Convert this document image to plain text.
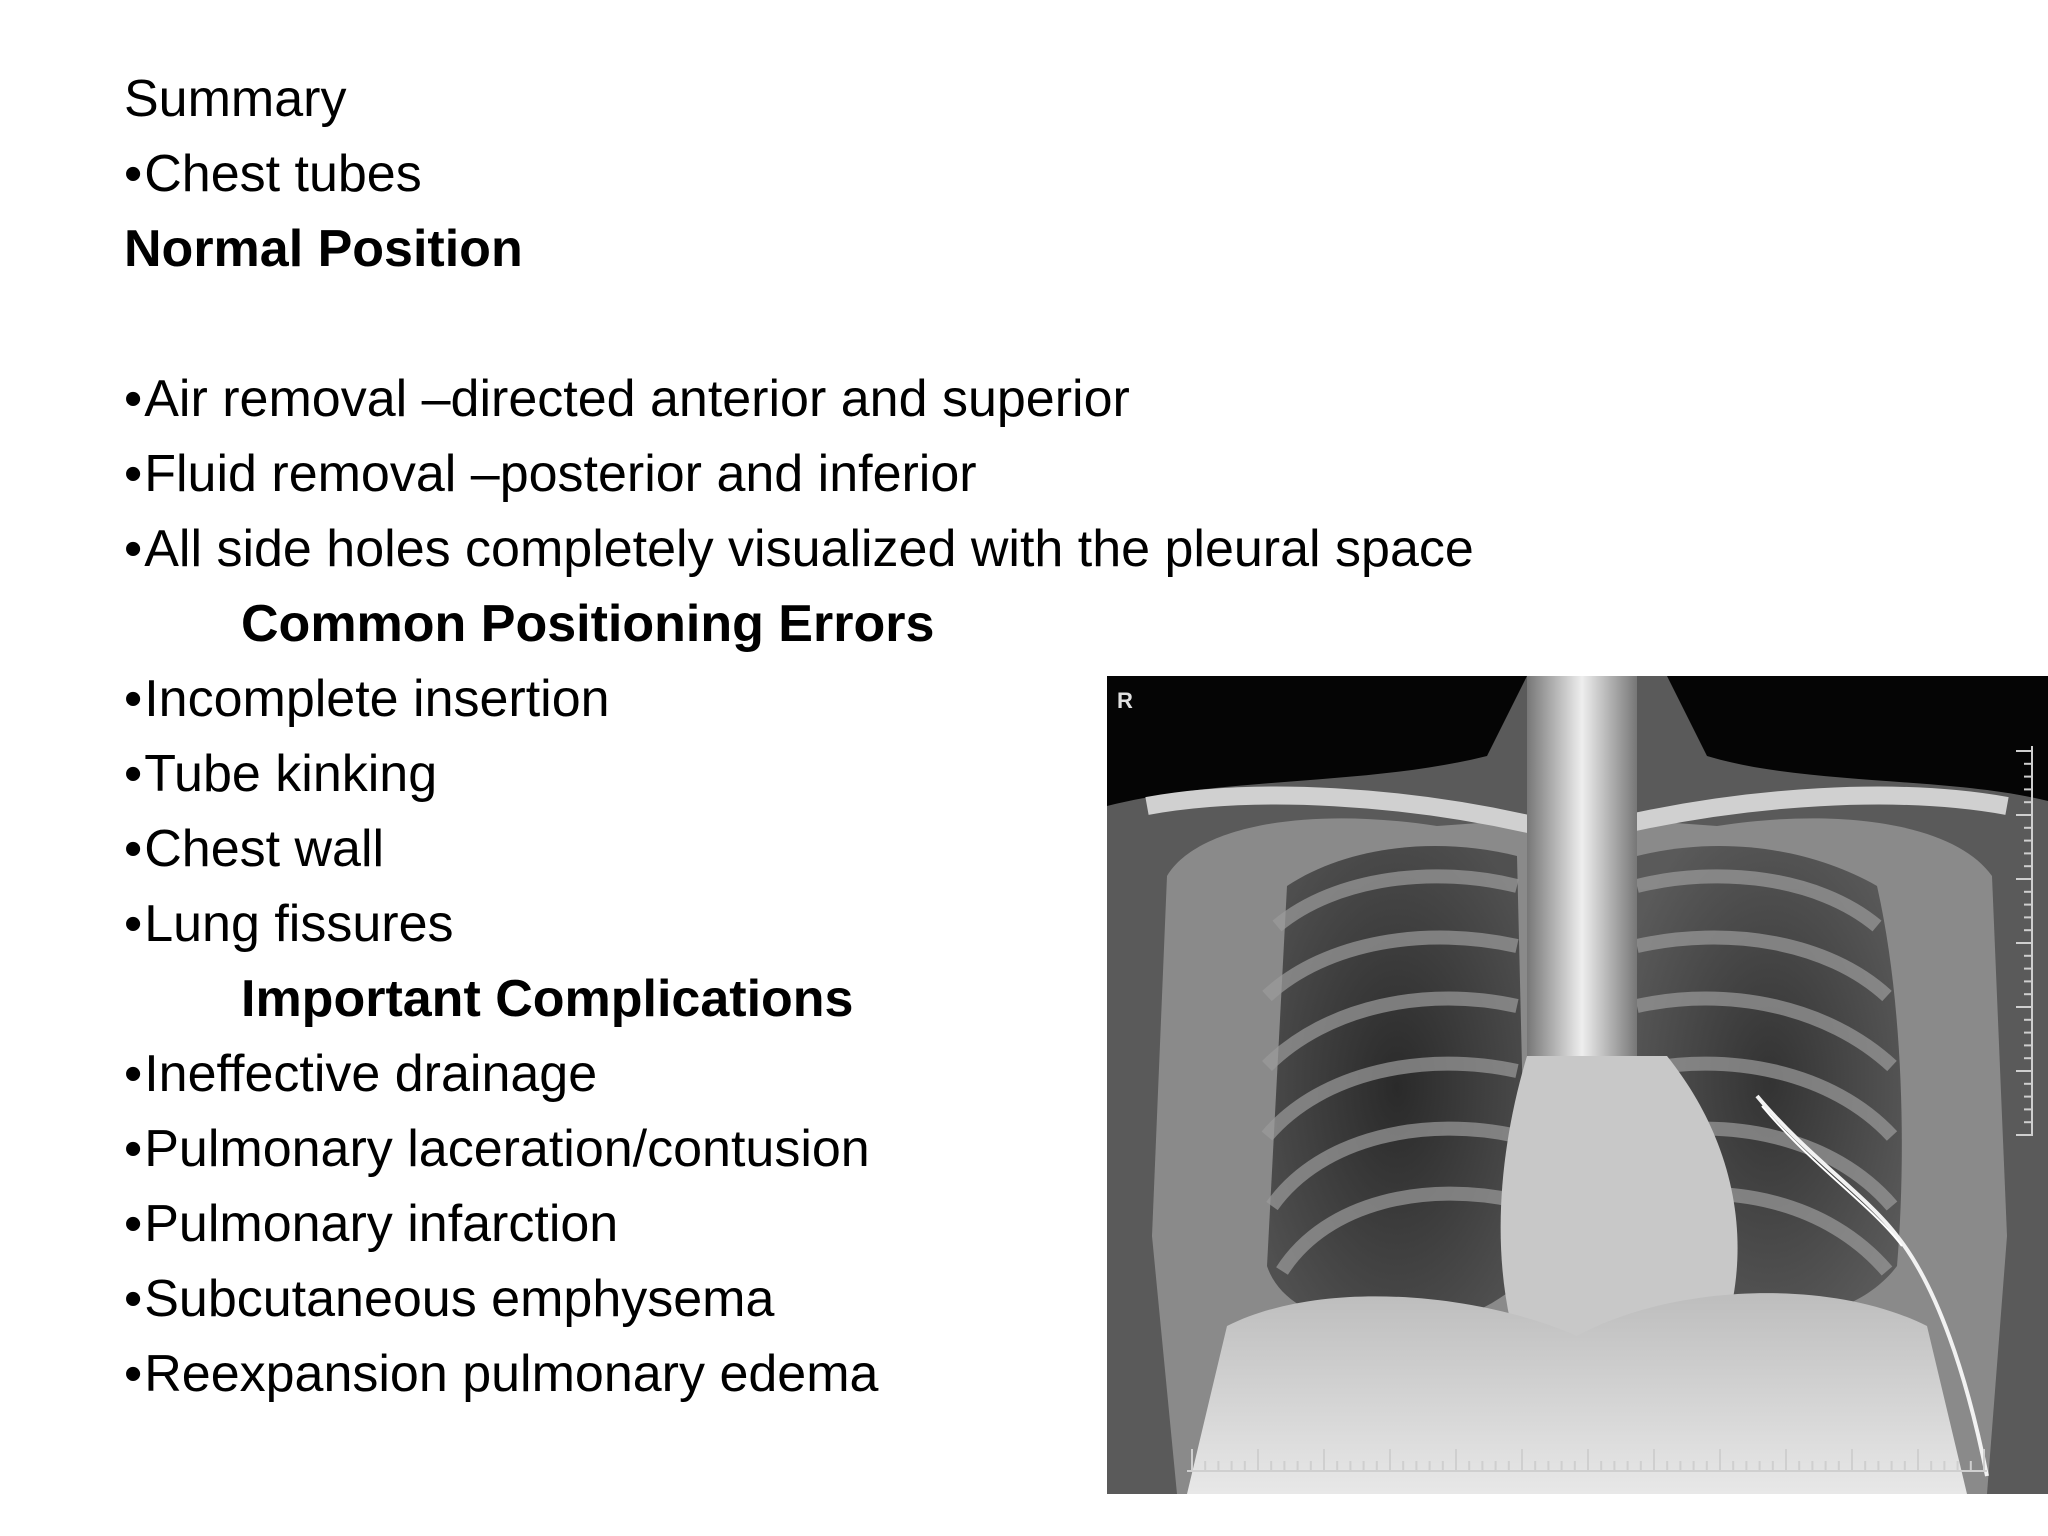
Summary
•Chest tubes
Normal Position
•Air removal –directed anterior and superior
•Fluid removal –posterior and inferior
•All side holes completely visualized with the pleural space
Common Positioning Errors
•Incomplete insertion
•Tube kinking
•Chest wall
•Lung fissures
Important Complications
•Ineffective drainage
•Pulmonary laceration/contusion
•Pulmonary infarction
•Subcutaneous emphysema
•Reexpansion pulmonary edema
R
